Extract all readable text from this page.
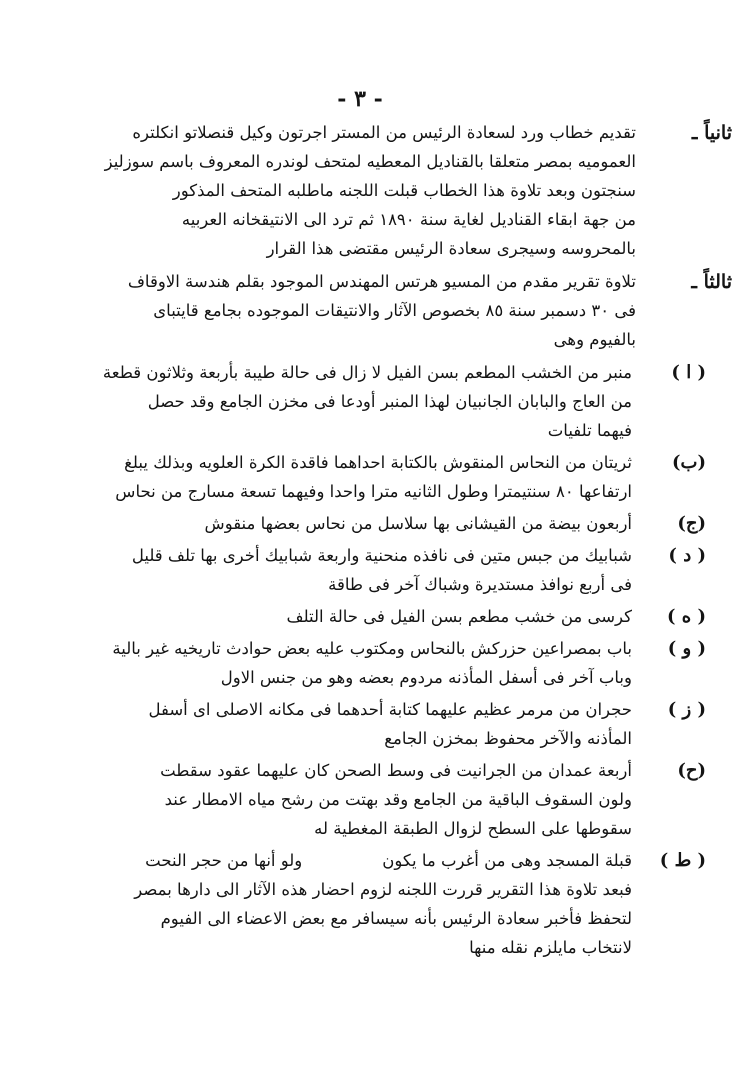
- ٣ -
ثانياً ـ
تقديم خطاب ورد لسعادة الرئيس من المستر اجرتون وكيل قنصلاتو انكلتره
العموميه بمصر متعلقا بالقناديل المعطيه لمتحف لوندره المعروف باسم سوزليز
سنجتون وبعد تلاوة هذا الخطاب قبلت اللجنه ماطلبه المتحف المذكور
من جهة ابقاء القناديل لغاية سنة ١٨٩٠ ثم ترد الى الانتيقخانه العربيه
بالمحروسه وسيجرى سعادة الرئيس مقتضى هذا القرار
ثالثاً ـ
تلاوة تقرير مقدم من المسيو هرتس المهندس الموجود بقلم هندسة الاوقاف
فى ٣٠ دسمبر سنة ٨٥ بخصوص الآثار والانتيقات الموجوده بجامع قايتباى
بالفيوم وهى
( ا )
منبر من الخشب المطعم بسن الفيل لا زال فى حالة طيبة بأربعة وثلاثون قطعة
من العاج والبابان الجانبيان لهذا المنبر أودعا فى مخزن الجامع وقد حصل
فيهما تلفيات
(ب)
ثريتان من النحاس المنقوش بالكتابة احداهما فاقدة الكرة العلويه وبذلك يبلغ
ارتفاعها ٨٠ سنتيمترا وطول الثانيه مترا واحدا وفيهما تسعة مسارج من نحاس
(ج)
أربعون بيضة من القيشانى بها سلاسل من نحاس بعضها منقوش
( د )
شبابيك من جبس متين فى نافذه منحنية واربعة شبابيك أخرى بها تلف قليل
فى أربع نوافذ مستديرة وشباك آخر فى طاقة
( ه )
كرسى من خشب مطعم بسن الفيل فى حالة التلف
( و )
باب بمصراعين حزركش بالنحاس ومكتوب عليه بعض حوادث تاريخيه غير بالية
وباب آخر فى أسفل المأذنه مردوم بعضه وهو من جنس الاول
( ز )
حجران من مرمر عظيم عليهما كتابة أحدهما فى مكانه الاصلى اى أسفل
المأذنه والآخر محفوظ بمخزن الجامع
(ح)
أربعة عمدان من الجرانيت فى وسط الصحن كان عليهما عقود سقطت
ولون السقوف الباقية من الجامع وقد بهتت من رشح مياه الامطار عند
سقوطها على السطح لزوال الطبقة المغطية له
( ط )
قبلة المسجد وهى من أغرب ما يكونولو أنها من حجر النحت
فبعد تلاوة هذا التقرير قررت اللجنه لزوم احضار هذه الآثار الى دارها بمصر
لتحفظ فأخبر سعادة الرئيس بأنه سيسافر مع بعض الاعضاء الى الفيوم
لانتخاب مايلزم نقله منها
